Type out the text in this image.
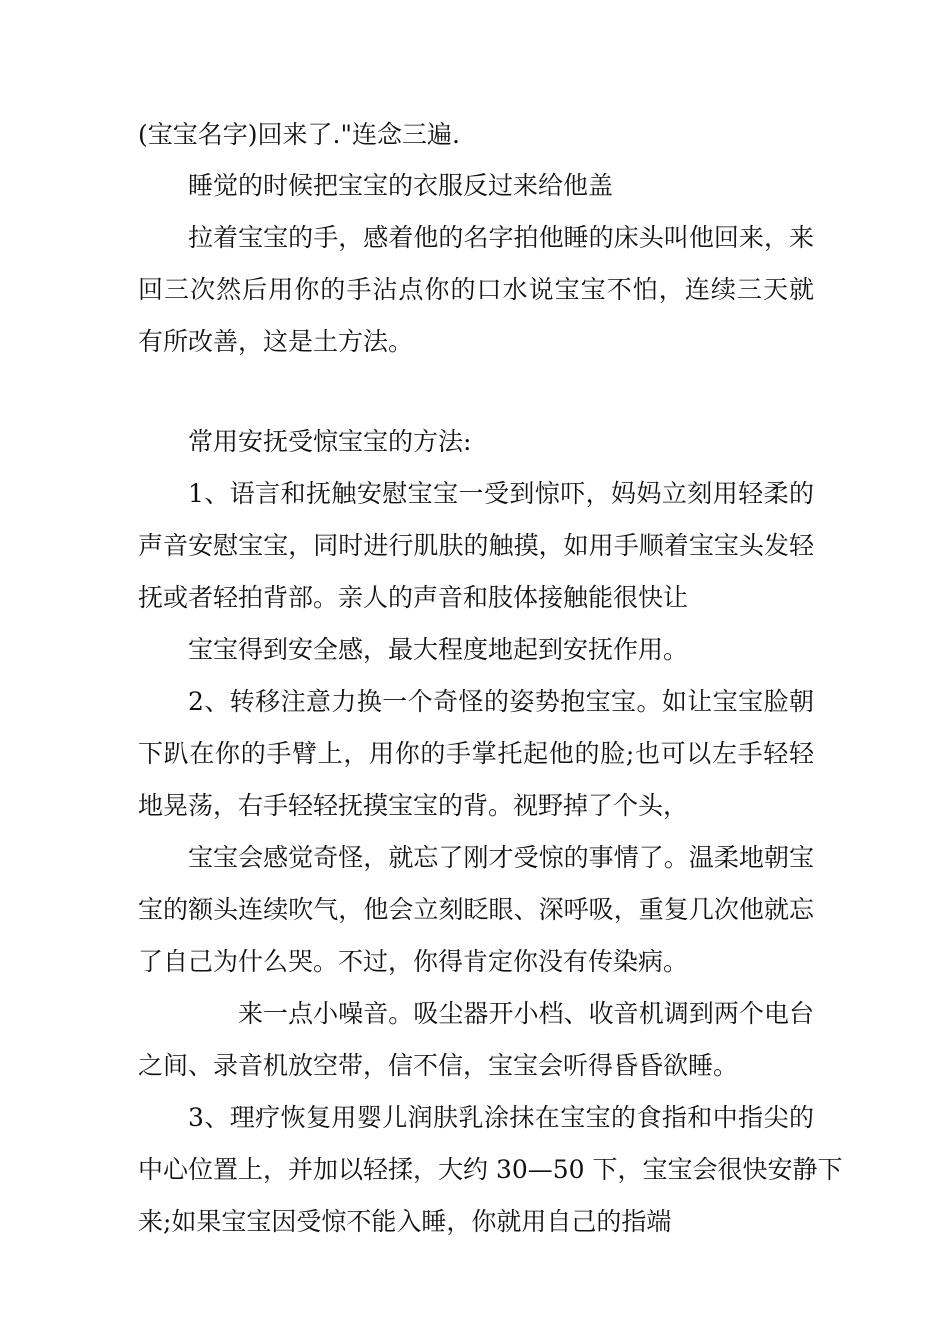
(宝宝名字)回来了."连念三遍.
睡觉的时候把宝宝的衣服反过来给他盖
拉着宝宝的手，感着他的名字拍他睡的床头叫他回来，来
回三次然后用你的手沾点你的口水说宝宝不怕，连续三天就
有所改善，这是土方法。
常用安抚受惊宝宝的方法:
1、语言和抚触安慰宝宝一受到惊吓，妈妈立刻用轻柔的
声音安慰宝宝，同时进行肌肤的触摸，如用手顺着宝宝头发轻
抚或者轻拍背部。亲人的声音和肢体接触能很快让
宝宝得到安全感，最大程度地起到安抚作用。
2、转移注意力换一个奇怪的姿势抱宝宝。如让宝宝脸朝
下趴在你的手臂上，用你的手掌托起他的脸;也可以左手轻轻
地晃荡，右手轻轻抚摸宝宝的背。视野掉了个头，
宝宝会感觉奇怪，就忘了刚才受惊的事情了。温柔地朝宝
宝的额头连续吹气，他会立刻眨眼、深呼吸，重复几次他就忘
了自己为什么哭。不过，你得肯定你没有传染病。
来一点小噪音。吸尘器开小档、收音机调到两个电台
之间、录音机放空带，信不信，宝宝会听得昏昏欲睡。
3、理疗恢复用婴儿润肤乳涂抹在宝宝的食指和中指尖的
中心位置上，并加以轻揉，大约 30—50 下，宝宝会很快安静下
来;如果宝宝因受惊不能入睡，你就用自己的指端
